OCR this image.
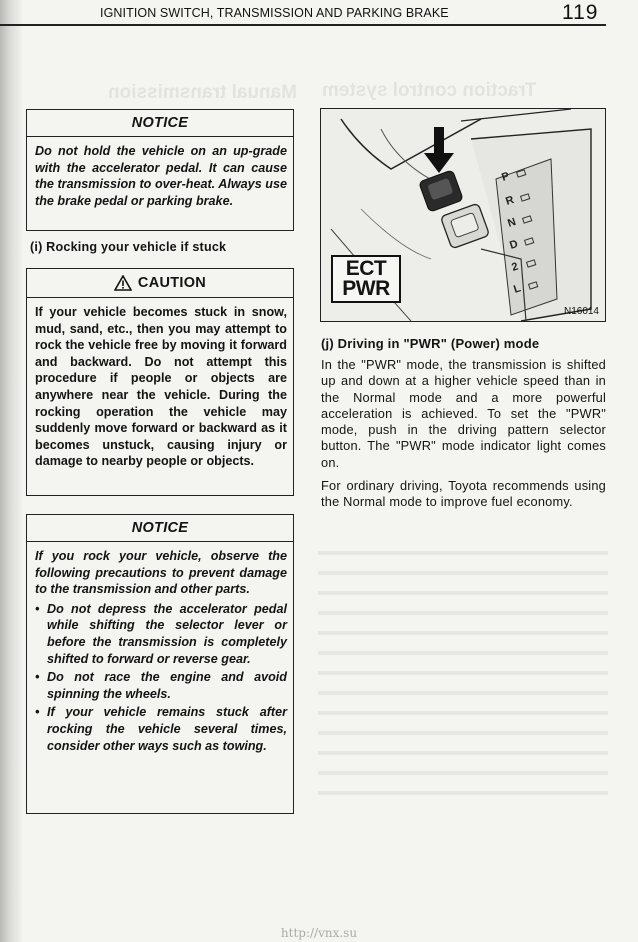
Manual transmission Traction control system
IGNITION SWITCH, TRANSMISSION AND PARKING BRAKE	119
NOTICE
Do not hold the vehicle on an up-grade with the accelerator pedal. It can cause the transmission to over-heat. Always use the brake pedal or parking brake.
(i) Rocking your vehicle if stuck
CAUTION
If your vehicle becomes stuck in snow, mud, sand, etc., then you may attempt to rock the vehicle free by moving it forward and backward. Do not attempt this procedure if people or objects are anywhere near the vehicle. During the rocking operation the vehicle may suddenly move forward or backward as it becomes unstuck, causing injury or damage to nearby people or objects.
NOTICE
If you rock your vehicle, observe the following precautions to prevent damage to the transmission and other parts.
• Do not depress the accelerator pedal while shifting the selector lever or before the transmission is completely shifted to forward or reverse gear.
• Do not race the engine and avoid spinning the wheels.
• If your vehicle remains stuck after rocking the vehicle several times, consider other ways such as towing.
P
R
N
D
2
L
ECT
PWR
N16014
(j) Driving in "PWR" (Power) mode
In the "PWR" mode, the transmission is shifted up and down at a higher vehicle speed than in the Normal mode and a more powerful acceleration is achieved. To set the "PWR" mode, push in the driving pattern selector button. The "PWR" mode indicator light comes on.
For ordinary driving, Toyota recommends using the Normal mode to improve fuel economy.
http://vnx.su
